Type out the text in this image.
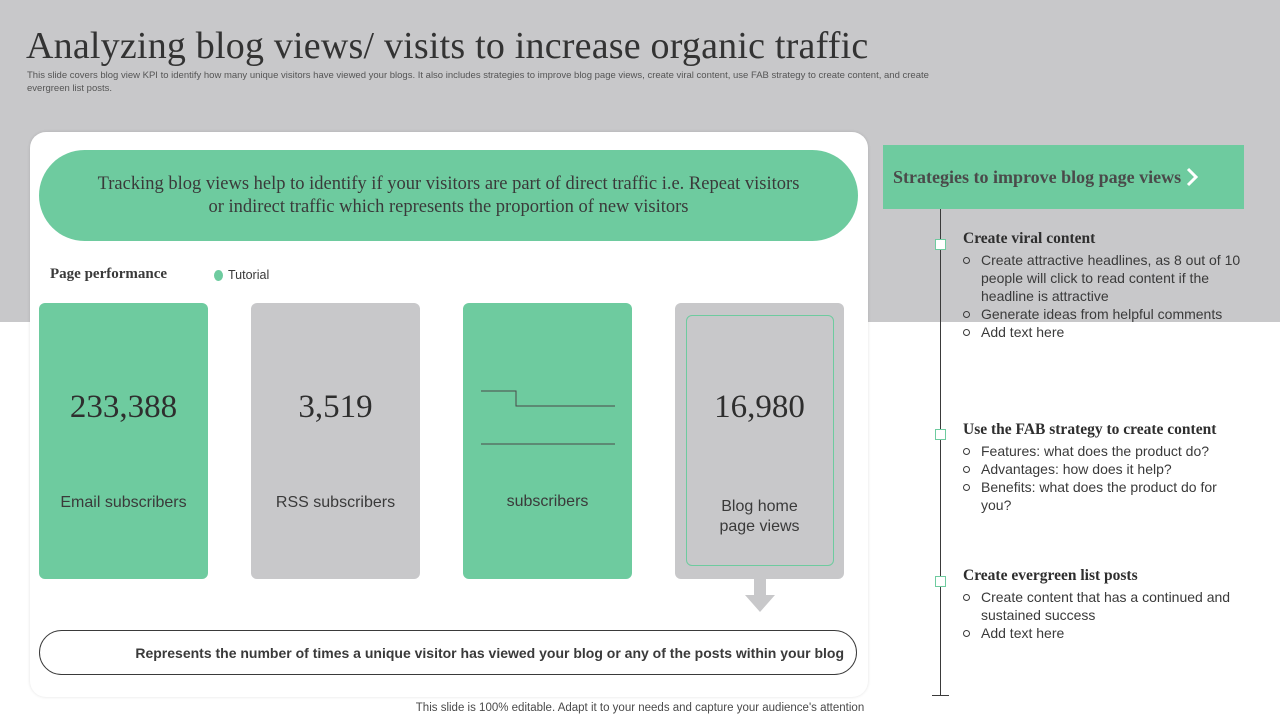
Analyzing blog views/ visits to increase organic traffic

This slide covers blog view KPI to identify how many unique visitors have viewed your blogs. It also includes strategies to improve blog page views, create viral content, use FAB strategy to create content, and create evergreen list posts.

Tracking blog views help to identify if your visitors are part of direct traffic i.e. Repeat visitors or indirect traffic which represents the proportion of new visitors

Page performance	Tutorial
233,388
Email subscribers
3,519
RSS subscribers	subscribers
16,980
Blog home
page views
Represents the number of times a unique visitor has viewed your blog or any of the posts within your blog
Strategies to improve blog page views

Create viral content

Create attractive headlines, as 8 out of 10 people will click to read content if the headline is attractive
Generate ideas from helpful comments
Add text here

Use the FAB strategy to create content

Features: what does the product do?
Advantages: how does it help?
Benefits: what does the product do for you?

Create evergreen list posts

Create content that has a continued and sustained success
Add text here
This slide is 100% editable. Adapt it to your needs and capture your audience's attention
